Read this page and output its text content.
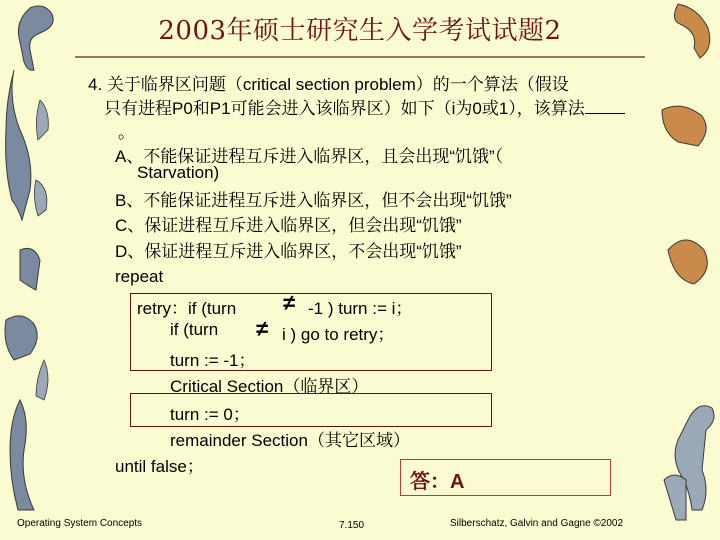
2003年硕士研究生入学考试试题2
4. 关于临界区问题（critical section problem）的一个算法（假设
只有进程P0和P1可能会进入该临界区）如下（i为0或1），该算法
。
A、不能保证进程互斥进入临界区，且会出现“饥饿”（
Starvation)
B、不能保证进程互斥进入临界区，但不会出现“饥饿”
C、保证进程互斥进入临界区，但会出现“饥饿”
D、保证进程互斥进入临界区，不会出现“饥饿”
repeat
retry：if (turn ≠ -1 ) turn := i；
if (turn ≠ i ) go to retry；
turn := -1；
Critical Section（临界区）
turn := 0；
remainder Section（其它区域）
until false；
答：A
Operating System Concepts	7.150	Silberschatz, Galvin and Gagne ©2002
